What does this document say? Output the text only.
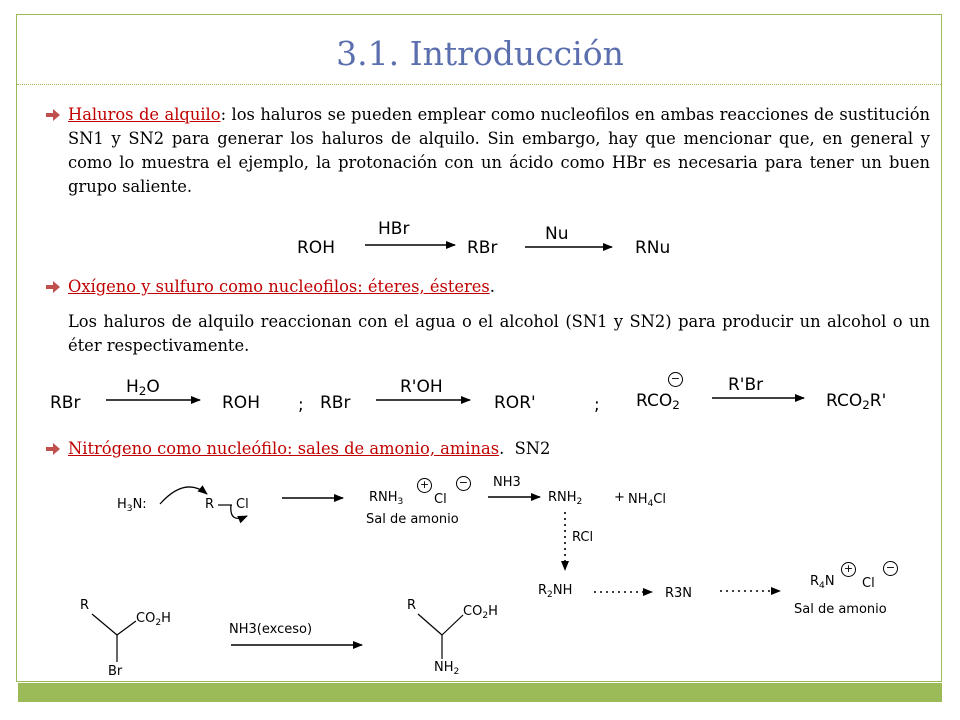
3.1. Introducción
Haluros de alquilo: los haluros se pueden emplear como nucleofilos en ambas reacciones de sustitución SN1 y SN2 para generar los haluros de alquilo. Sin embargo, hay que mencionar que, en general y como lo muestra el ejemplo, la protonación con un ácido como HBr es necesaria para tener un buen grupo saliente.
ROH
HBr
RBr
Nu
RNu
Oxígeno y sulfuro como nucleofilos: éteres, ésteres.
Los haluros de alquilo reaccionan con el agua o el alcohol (SN1 y SN2) para producir un alcohol o un éter respectivamente.
RBr
$H_2O$
ROH ; RBr
R'OH
ROR'	; $RCO_2$
−	R'Br
$RCO_2R'$
Nitrógeno como nucleófilo: sales de amonio, aminas. SN2
$H_3N$:	R Cl	$RNH_3$
+
Cl
−
Sal de amonio
NH3
$RNH_2 + NH_4Cl$
RCl
$R_2NH$	R3N
$R_4N$
+
Cl
−
Sal de amonio
R
$CO_2H$
Br
NH3(exceso)
R	$CO_2H$
$NH_2$
